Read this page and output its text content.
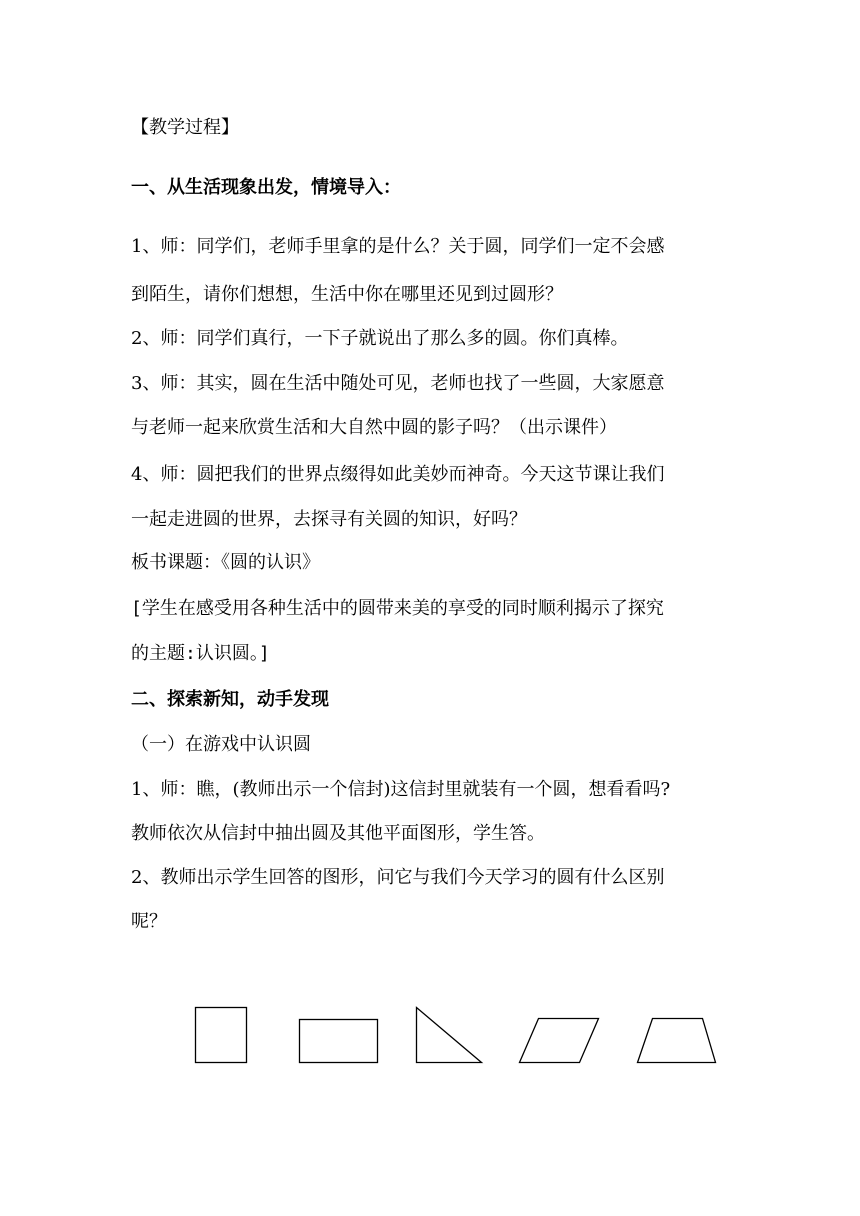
【教学过程】
一、从生活现象出发，情境导入：
1、师：同学们，老师手里拿的是什么？关于圆，同学们一定不会感
到陌生，请你们想想，生活中你在哪里还见到过圆形？
2、师：同学们真行，一下子就说出了那么多的圆。你们真棒。
3、师：其实，圆在生活中随处可见，老师也找了一些圆，大家愿意
与老师一起来欣赏生活和大自然中圆的影子吗？（出示课件）
4、师：圆把我们的世界点缀得如此美妙而神奇。今天这节课让我们
一起走进圆的世界，去探寻有关圆的知识，好吗？
板书课题：《圆的认识》
[学生在感受用各种生活中的圆带来美的享受的同时顺利揭示了探究
的主题:认识圆。]
二、探索新知，动手发现
（一）在游戏中认识圆
1、师：瞧，(教师出示一个信封)这信封里就装有一个圆，想看看吗?
教师依次从信封中抽出圆及其他平面图形，学生答。
2、教师出示学生回答的图形，问它与我们今天学习的圆有什么区别
呢？
